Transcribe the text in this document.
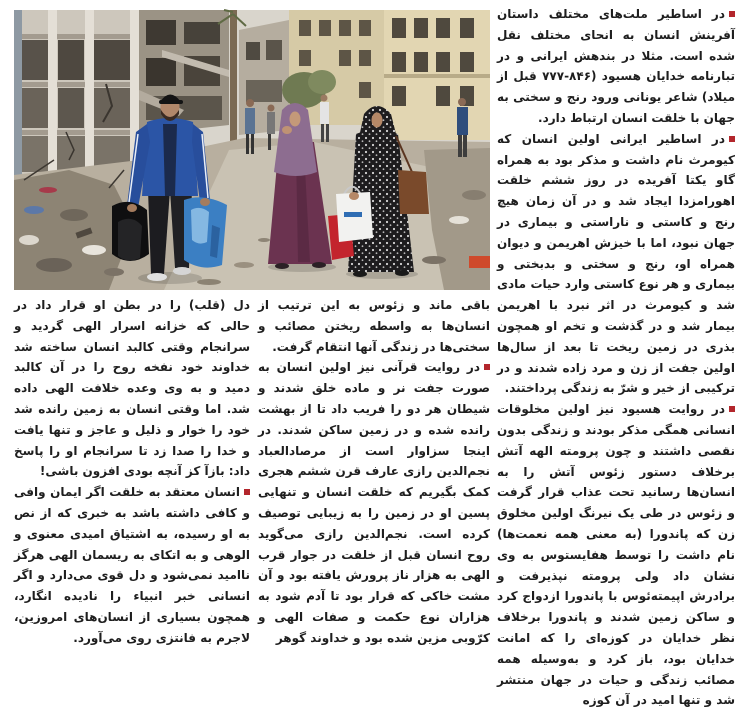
در اساطیر ملت‌های مختلف داستان آفرینش انسان به انحای مختلف نقل شده است. مثلا در بندهش ایرانی و در تبارنامه خدایان هسیود (۸۴۶-۷۷۷ قبل از میلاد) شاعر یونانی ورود رنج و سختی به جهان با خلقت انسان ارتباط دارد.

در اساطیر ایرانی اولین انسان که کیومرث نام داشت و مذکر بود به همراه گاو یکتا آفریده در روز ششم خلقت اهورامزدا ایجاد شد و در آن زمان هیچ رنج و کاستی و ناراستی و بیماری در جهان نبود، اما با خیزش اهریمن و دیوان همراه او، رنج و سختی و بدبختی و بیماری و هر نوع کاستی وارد حیات مادی شد و کیومرث در اثر نبرد با اهریمن بیمار شد و در گذشت و تخم او همچون بذری در زمین ریخت تا بعد از سال‌ها اولین جفت از زن و مرد زاده شدند و در ترکیبی از خیر و شرّ به زندگی پرداختند.

در روایت هسیود نیز اولین مخلوقات انسانی همگی مذکر بودند و زندگی بدون نقصی داشتند و چون پرومته الهه آتش برخلاف دستور زئوس آتش را به انسان‌ها رسانید تحت عذاب قرار گرفت و زئوس در طی یک نیرنگ اولین مخلوق زن که پاندورا (به معنی همه نعمت‌ها) نام داشت را توسط هفایستوس به وی نشان داد ولی پرومته نپذیرفت و برادرش اپیمته‌ئوس با پاندورا ازدواج کرد و ساکن زمین شدند و پاندورا برخلاف نظر خدایان در کوزه‌ای را که امانت خدایان بود، باز کرد و به‌وسیله همه مصائب زندگی و حیات در جهان منتشر شد و تنها امید در آن کوزه

باقی ماند و زئوس به این ترتیب از انسان‌ها به واسطه ریختن مصائب و سختی‌ها در زندگی آنها انتقام گرفت.

در روایت قرآنی نیز اولین انسان به صورت جفت نر و ماده خلق شدند و شیطان هر دو را فریب داد تا از بهشت رانده شده و در زمین ساکن شدند. در اینجا سزاوار است از مرصادالعباد نجم‌الدین رازی عارف قرن ششم هجری کمک بگیریم که خلقت انسان و تنهایی پسین او در زمین را به زیبایی توصیف کرده است. نجم‌الدین رازی می‌گوید روح انسان قبل از خلقت در جوار قرب الهی به هزار ناز پرورش یافته بود و آن مشت خاکی که قرار بود تا آدم شود به هزاران نوع حکمت و صفات الهی و کرّوبی مزین شده بود و خداوند گوهر

دل (قلب) را در بطن او قرار داد در حالی که خزانه اسرار الهی گردید و سرانجام وقتی کالبد انسان ساخته شد خداوند خود نفخه روح را در آن کالبد دمید و به وی وعده خلافت الهی داده شد. اما وقتی انسان به زمین رانده شد خود را خوار و ذلیل و عاجز و تنها یافت و خدا را صدا زد تا سرانجام او را پاسخ داد: بازآ کز آنچه بودی افزون باشی!

انسان معتقد به خلقت اگر ایمان وافی و کافی داشته باشد به خبری که از نص به او رسیده، به اشتیاق امیدی معنوی و الوهی و به اتکای به ریسمان الهی هرگز ناامید نمی‌شود و دل قوی می‌دارد و اگر انسانی خبر انبیاء را نادیده انگارد، همچون بسیاری از انسان‌های امروزین، لاجرم به فانتزی روی می‌آورد.
